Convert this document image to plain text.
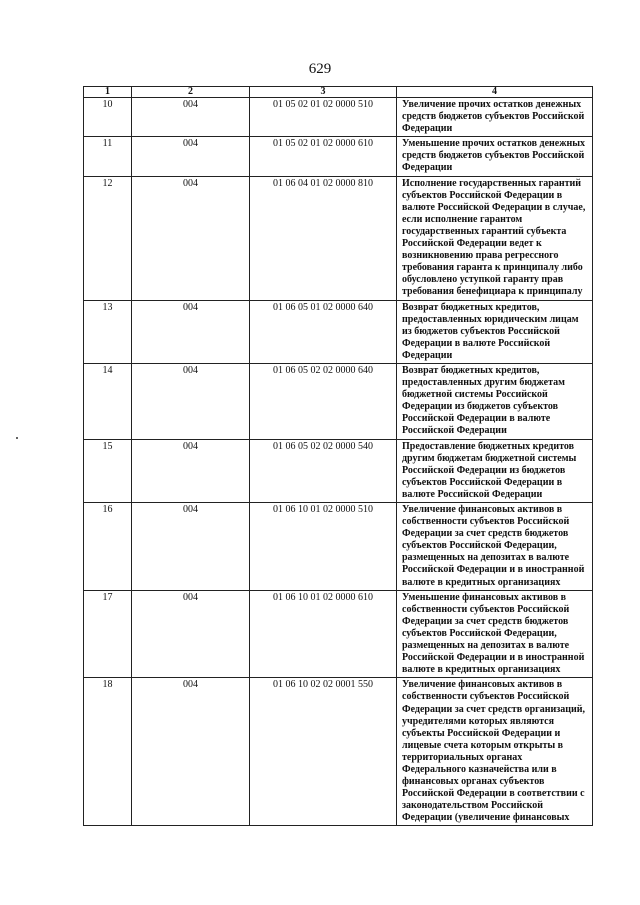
629
1	2	3	4
10	004	01 05 02 01 02 0000 510	Увеличение прочих остатков денежных средств бюджетов субъектов Российской Федерации
11	004	01 05 02 01 02 0000 610	Уменьшение прочих остатков денежных средств бюджетов субъектов Российской Федерации
12	004	01 06 04 01 02 0000 810	Исполнение государственных гарантий субъектов Российской Федерации в валюте Российской Федерации в случае, если исполнение гарантом государственных гарантий субъекта Российской Федерации ведет к возникновению права регрессного требования гаранта к принципалу либо обусловлено уступкой гаранту прав требования бенефициара к принципалу
13	004	01 06 05 01 02 0000 640	Возврат бюджетных кредитов, предоставленных юридическим лицам из бюджетов субъектов Российской Федерации в валюте Российской Федерации
14	004	01 06 05 02 02 0000 640	Возврат бюджетных кредитов, предоставленных другим бюджетам бюджетной системы Российской Федерации из бюджетов субъектов Российской Федерации в валюте Российской Федерации
15	004	01 06 05 02 02 0000 540	Предоставление бюджетных кредитов другим бюджетам бюджетной системы Российской Федерации из бюджетов субъектов Российской Федерации в валюте Российской Федерации
16	004	01 06 10 01 02 0000 510	Увеличение финансовых активов в собственности субъектов Российской Федерации за счет средств бюджетов субъектов Российской Федерации, размещенных на депозитах в валюте Российской Федерации и в иностранной валюте в кредитных организациях
17	004	01 06 10 01 02 0000 610	Уменьшение финансовых активов в собственности субъектов Российской Федерации за счет средств бюджетов субъектов Российской Федерации, размещенных на депозитах в валюте Российской Федерации и в иностранной валюте в кредитных организациях
18	004	01 06 10 02 02 0001 550	Увеличение финансовых активов в собственности субъектов Российской Федерации за счет средств организаций, учредителями которых являются субъекты Российской Федерации и лицевые счета которым открыты в территориальных органах Федерального казначейства или в финансовых органах субъектов Российской Федерации в соответствии с законодательством Российской Федерации (увеличение финансовых
